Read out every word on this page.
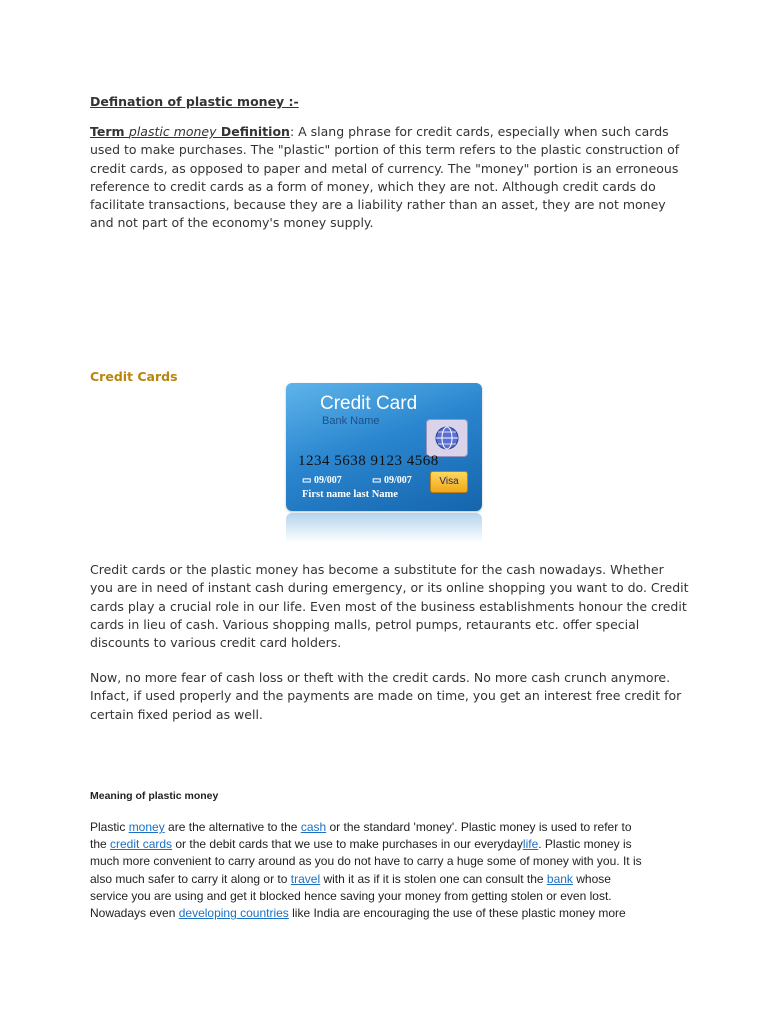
Defination of plastic money :-

Term plastic money Definition: A slang phrase for credit cards, especially when such cards used to make purchases. The "plastic" portion of this term refers to the plastic construction of credit cards, as opposed to paper and metal of currency. The "money" portion is an erroneous reference to credit cards as a form of money, which they are not. Although credit cards do facilitate transactions, because they are a liability rather than an asset, they are not money and not part of the economy's money supply.

Credit Cards

Credit Card
Bank Name
1234 5638 9123 4568
▭ 09/007	▭ 09/007
First name last Name
Visa

Credit cards or the plastic money has become a substitute for the cash nowadays. Whether you are in need of instant cash during emergency, or its online shopping you want to do. Credit cards play a crucial role in our life. Even most of the business establishments honour the credit cards in lieu of cash. Various shopping malls, petrol pumps, retaurants etc. offer special discounts to various credit card holders.

Now, no more fear of cash loss or theft with the credit cards. No more cash crunch anymore. Infact, if used properly and the payments are made on time, you get an interest free credit for certain fixed period as well.

Meaning of plastic money

Plastic money are the alternative to the cash or the standard 'money'. Plastic money is used to refer to the credit cards or the debit cards that we use to make purchases in our everydaylife. Plastic money is much more convenient to carry around as you do not have to carry a huge some of money with you. It is also much safer to carry it along or to travel with it as if it is stolen one can consult the bank whose service you are using and get it blocked hence saving your money from getting stolen or even lost. Nowadays even developing countries like India are encouraging the use of these plastic money more
